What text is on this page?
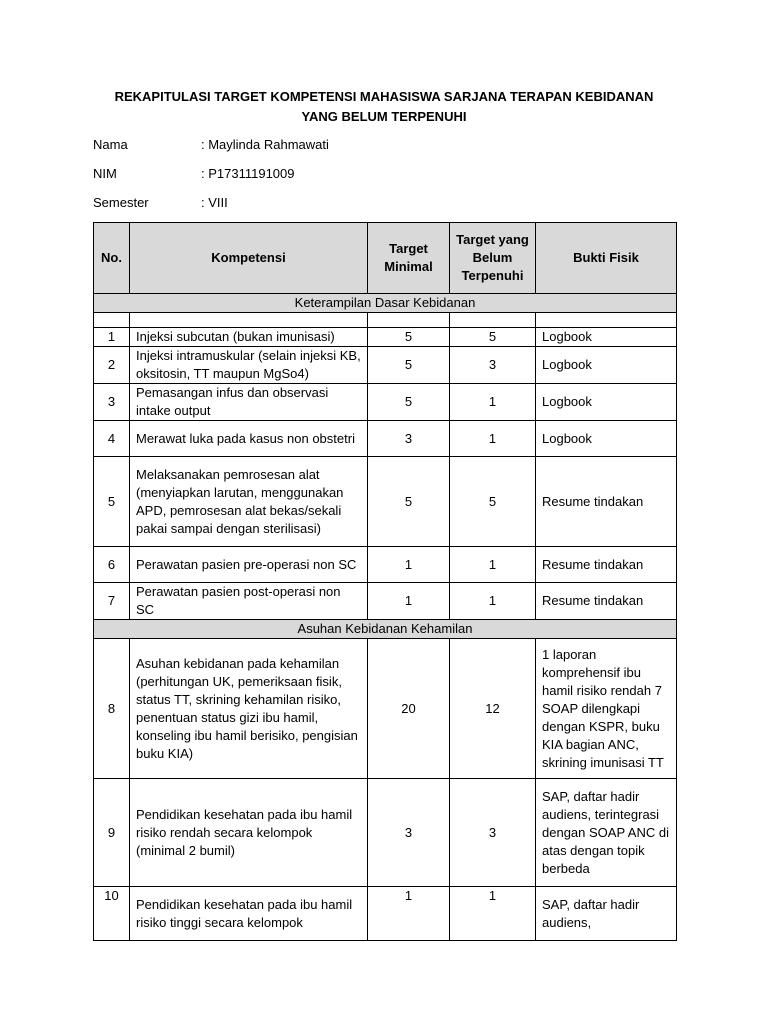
REKAPITULASI TARGET KOMPETENSI MAHASISWA SARJANA TERAPAN KEBIDANAN
YANG BELUM TERPENUHI
Nama	: Maylinda Rahmawati
NIM	: P17311191009
Semester	: VIII
No.	Kompetensi	Target Minimal	Target yang Belum Terpenuhi	Bukti Fisik
Keterampilan Dasar Kebidanan				

1	Injeksi subcutan (bukan imunisasi)	5	5	Logbook
2	Injeksi intramuskular (selain injeksi KB, oksitosin, TT maupun MgSo4)	5	3	Logbook
3	Pemasangan infus dan observasi intake output	5	1	Logbook
4	Merawat luka pada kasus non obstetri	3	1	Logbook
5	Melaksanakan pemrosesan alat (menyiapkan larutan, menggunakan APD, pemrosesan alat bekas/sekali pakai sampai dengan sterilisasi)	5	5	Resume tindakan
6	Perawatan pasien pre-operasi non SC	1	1	Resume tindakan
7	Perawatan pasien post-operasi non SC	1	1	Resume tindakan
Asuhan Kebidanan Kehamilan				
8	Asuhan kebidanan pada kehamilan (perhitungan UK, pemeriksaan fisik, status TT, skrining kehamilan risiko, penentuan status gizi ibu hamil, konseling ibu hamil berisiko, pengisian buku KIA)	20	12	1 laporan komprehensif ibu hamil risiko rendah 7 SOAP dilengkapi dengan KSPR, buku KIA bagian ANC, skrining imunisasi TT
9	Pendidikan kesehatan pada ibu hamil risiko rendah secara kelompok (minimal 2 bumil)	3	3	SAP, daftar hadir audiens, terintegrasi dengan SOAP ANC di atas dengan topik berbeda
10	Pendidikan kesehatan pada ibu hamil risiko tinggi secara kelompok	1	1	SAP, daftar hadir audiens,
